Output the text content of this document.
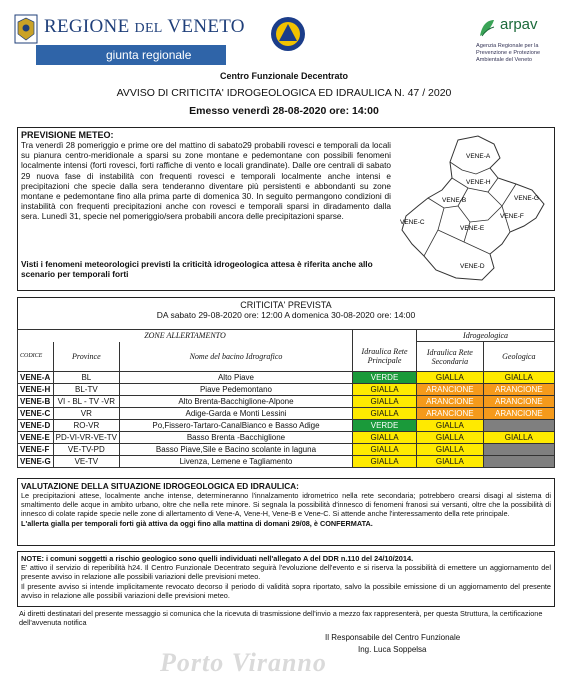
REGIONE DEL VENETO
giunta regionale
arpav
Agenzia Regionale per la Prevenzione e Protezione Ambientale del Veneto
Centro Funzionale Decentrato
AVVISO DI CRITICITA' IDROGEOLOGICA ED IDRAULICA N. 47 / 2020
Emesso venerdì 28-08-2020 ore: 14:00
PREVISIONE METEO:
Tra venerdì 28 pomeriggio e prime ore del mattino di sabato29 probabili rovesci e temporali da locali su pianura centro-meridionale a sparsi su zone montane e pedemontane con possibili fenomeni localmente intensi (forti rovesci, forti raffiche di vento e locali grandinate). Dalle ore centrali di sabato 29 nuova fase di instabilità con frequenti rovesci e temporali localmente anche intensi e precipitazioni che specie dalla sera tenderanno diventare più persistenti e abbondanti su zone montane e pedemontane fino alla prima parte di domenica 30. In seguito permangono condizioni di instabilità con frequenti precipitazioni anche con rovesci e temporali sparsi in diradamento dalla sera. Lunedì 31, specie nel pomeriggio/sera probabili ancora delle precipitazioni sparse.
Visti i fenomeni meteorologici previsti la criticità idrogeologica attesa è riferita anche allo scenario per temporali forti
VENE-A
VENE-H
VENE-B	VENE-G
VENE-C
VENE-E
VENE-F
VENE-D
CRITICITA' PREVISTA
DA sabato 29-08-2020 ore: 12:00 A domenica 30-08-2020 ore: 14:00
ZONE ALLERTAMENTO				Idrogeologica	
CODICE	Province	Nome del bacino Idrografico	Idraulica Rete Principale	Idraulica Rete Secondaria	Geologica
VENE-A	BL	Alto Piave	VERDE	GIALLA	GIALLA
VENE-H	BL-TV	Piave Pedemontano	GIALLA	ARANCIONE	ARANCIONE
VENE-B	VI - BL - TV -VR	Alto Brenta-Bacchiglione-Alpone	GIALLA	ARANCIONE	ARANCIONE
VENE-C	VR	Adige-Garda e Monti Lessini	GIALLA	ARANCIONE	ARANCIONE
VENE-D	RO-VR	Po,Fissero-Tartaro-CanalBianco e Basso Adige	VERDE	GIALLA	
VENE-E	PD-VI-VR-VE-TV	Basso Brenta -Bacchiglione	GIALLA	GIALLA	GIALLA
VENE-F	VE-TV-PD	Basso Piave,Sile e Bacino scolante in laguna	GIALLA	GIALLA	
VENE-G	VE-TV	Livenza, Lemene e Tagliamento	GIALLA	GIALLA	
VALUTAZIONE DELLA SITUAZIONE IDROGEOLOGICA ED IDRAULICA:
Le precipitazioni attese, localmente anche intense, determineranno l'innalzamento idrometrico nella rete secondaria; potrebbero crearsi disagi al sistema di smaltimento delle acque in ambito urbano, oltre che nella rete minore. Si segnala la possibilità d'innesco di fenomeni franosi sui versanti, oltre che la possibilità di innesco di colate rapide specie nelle zone di allertamento di Vene-A, Vene-H, Vene-B e Vene-C. Si attende anche l'interessamento della rete principale.
L'allerta gialla per temporali forti già attiva da oggi fino alla mattina di domani 29/08, è CONFERMATA.
NOTE: i comuni soggetti a rischio geologico sono quelli individuati nell'allegato A del DDR n.110 del 24/10/2014.
E' attivo il servizio di reperibilità h24. Il Centro Funzionale Decentrato seguirà l'evoluzione dell'evento e si riserva la possibilità di emettere un aggiornamento del presente avviso in relazione alle possibili variazioni delle previsioni meteo.
Il presente avviso si intende implicitamente revocato decorso il periodo di validità sopra riportato, salvo la possibile emissione di un aggiornamento del presente avviso in relazione alle possibili variazioni delle previsioni meteo.
Ai diretti destinatari del presente messaggio si comunica che la ricevuta di trasmissione dell'invio a mezzo fax rappresenterà, per questa Struttura, la certificazione dell'avvenuta notifica
Il Responsabile del Centro Funzionale
Ing. Luca Soppelsa
Porto Viranno
